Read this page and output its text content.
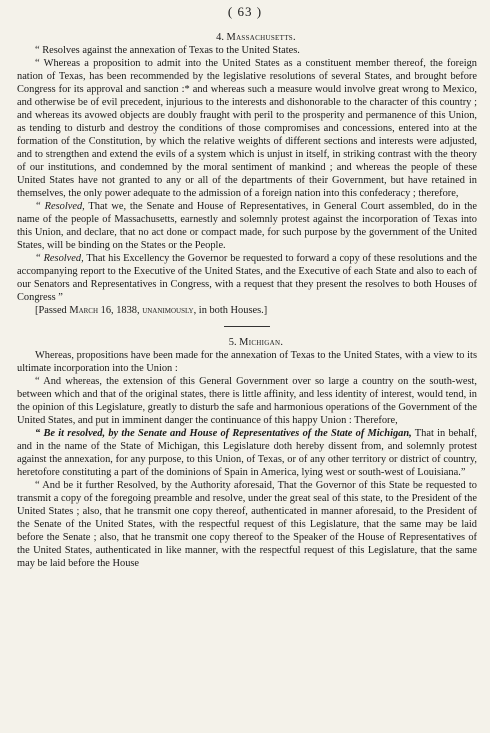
( 63 )

4. Massachusetts.

“ Resolves against the annexation of Texas to the United States.

“ Whereas a proposition to admit into the United States as a constituent member thereof, the foreign nation of Texas, has been recommended by the legislative resolutions of several States, and brought before Congress for its approval and sanction :* and whereas such a measure would involve great wrong to Mexico, and otherwise be of evil precedent, injurious to the interests and dishonorable to the character of this country ; and whereas its avowed objects are doubly fraught with peril to the prosperity and permanence of this Union, as tending to disturb and destroy the conditions of those compromises and concessions, entered into at the formation of the Constitution, by which the relative weights of different sections and interests were adjusted, and to strengthen and extend the evils of a system which is unjust in itself, in striking contrast with the theory of our institutions, and condemned by the moral sentiment of mankind ; and whereas the people of these United States have not granted to any or all of the departments of their Government, but have retained in themselves, the only power adequate to the admission of a foreign nation into this confederacy ; therefore,

“ Resolved, That we, the Senate and House of Representatives, in General Court assembled, do in the name of the people of Massachusetts, earnestly and solemnly protest against the incorporation of Texas into this Union, and declare, that no act done or compact made, for such purpose by the government of the United States, will be binding on the States or the People.

“ Resolved, That his Excellency the Governor be requested to forward a copy of these resolutions and the accompanying report to the Executive of the United States, and the Executive of each State and also to each of our Senators and Representatives in Congress, with a request that they present the resolves to both Houses of Congress ”

[Passed March 16, 1838, unanimously, in both Houses.]

5. Michigan.

Whereas, propositions have been made for the annexation of Texas to the United States, with a view to its ultimate incorporation into the Union :

“ And whereas, the extension of this General Government over so large a country on the south-west, between which and that of the original states, there is little affinity, and less identity of interest, would tend, in the opinion of this Legislature, greatly to disturb the safe and harmonious operations of the Government of the United States, and put in imminent danger the continuance of this happy Union : Therefore,

“ Be it resolved, by the Senate and House of Representatives of the State of Michigan, That in behalf, and in the name of the State of Michigan, this Legislature doth hereby dissent from, and solemnly protest against the annexation, for any purpose, to this Union, of Texas, or of any other territory or district of country, heretofore constituting a part of the dominions of Spain in America, lying west or south-west of Louisiana.”

“ And be it further Resolved, by the Authority aforesaid, That the Governor of this State be requested to transmit a copy of the foregoing preamble and resolve, under the great seal of this state, to the President of the United States ; also, that he transmit one copy thereof, authenticated in manner aforesaid, to the President of the Senate of the United States, with the respectful request of this Legislature, that the same may be laid before the Senate ; also, that he transmit one copy thereof to the Speaker of the House of Representatives of the United States, authenticated in like manner, with the respectful request of this Legislature, that the same may be laid before the House
